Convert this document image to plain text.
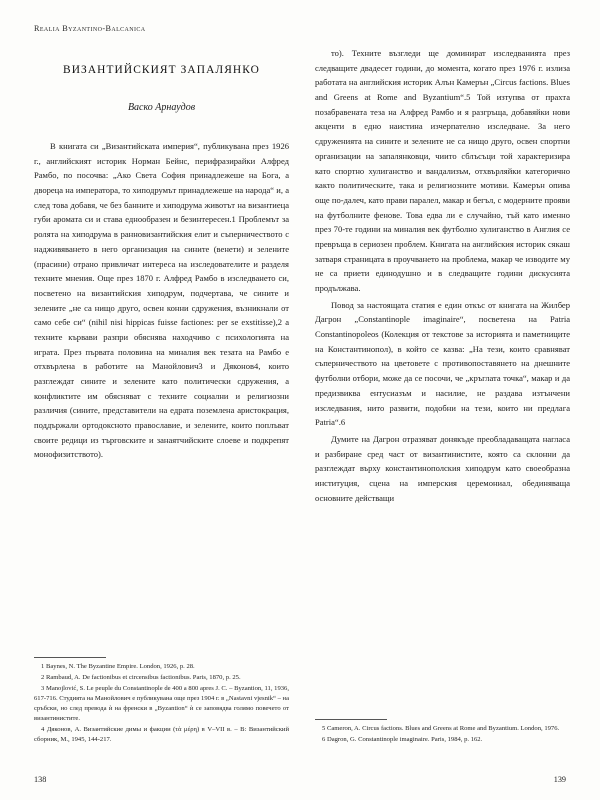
Realia Byzantino-Balcanica
ВИЗАНТИЙСКИЯТ ЗАПАЛЯНКО
Васко Арнаудов

В книгата си „Византийската империя“, публикувана през 1926 г., английският историк Норман Бейнс, перифразирайки Алфред Рамбо, по посочва: „Ако Света София принадлежеше на Бога, а двореца на императора, то хиподрумът принадлежеше на народа“ и, а след това добавя, че без банните и хиподрума животът на византиеца губи аромата си и става еднообразен и безинтересен.1 Проблемът за ролята на хиподрума в ранновизантийския елит и съперничеството с надживяването в него организация на сините (венети) и зелените (прасини) отрано привличат интереса на изследователите и разделя техните мнения. Още през 1870 г. Алфред Рамбо в изследването си, посветено на византийския хиподрум, подчертава, че сините и зелените „не са нищо друго, освен конни сдружения, възникнали от само себе си“ (nihil nisi hippicas fuisse factiones: per se exstitisse),2 а техните кървави разпри обяснява находчиво с психологията на играта. През първата половина на миналия век тезата на Рамбо е отхвърлена в работите на Манойлович3 и Дяконов4, които разглеждат сините и зелените като политически сдружения, а конфликтите им обясняват с техните социални и религиозни различия (сините, представители на едрата поземлена аристокрация, поддържали ортодоксното православие, и зелените, които поплъват своите редици из търговските и занаятчийските слоеве и подкрепят монофизитството).

1 Baynes, N. The Byzantine Empire. London, 1926, p. 28.

2 Rambaud, A. De factionibus et circensibus factionibus. Paris, 1870, p. 25.

3 Manojlović, S. Le peuple du Constantinople de 400 a 800 apres J. C. – Byzantion, 11, 1936, 617-716. Студията на Манойлович е публикувана още през 1904 г. в „Nastavni vjesnik“ – на сръбски, но след превода ѝ на френски в „Byzantion“ ѝ се заповядва голямо повечето от византинистите.

4 Дяконов, А. Византийские димы и факции (τὰ μέρη) в V–VII в. – В: Византийский сборник, М., 1945, 144-217.

то). Техните възгледи ще доминират изследванията през следващите двадесет години, до момента, когато през 1976 г. излиза работата на английския историк Алън Камерън „Circus factions. Blues and Greens at Rome and Byzantium“.5 Той изтупва от прахта позабравената теза на Алфред Рамбо и я разгръща, добавяйки нови акценти в едно наистина изчерпателно изследване. За него сдруженията на сините и зелените не са нищо друго, освен спортни организации на запалянковци, чиито сблъсъци той характеризира като спортно хулиганство и вандализъм, отхвърляйки категорично както политическите, така и религиозните мотиви. Камерън опива още по-далеч, като прави паралел, макар и бегъл, с модерните прояви на футболните фенове. Това едва ли е случайно, тъй като именно през 70-те години на миналия век футболно хулиганство в Англия се превръща в сериозен проблем. Книгата на английския историк сякаш затваря страницата в проучването на проблема, макар че изводите му не са приети единодушно и в следващите години дискусията продължава.

Повод за настоящата статия е един откъс от книгата на Жилбер Дагрон „Constantinople imaginaire“, посветена на Patria Constantinopoleos (Колекция от текстове за историята и паметниците на Константинопол), в който се казва: „На тези, които сравняват съперничеството на цветовете с противопоставянето на днешните футболни отбори, може да се посочи, че „кръглата точка“, макар и да предизвиква ентусиазъм и насилие, не раздава изтънчени изследвания, нито развити, подобни на тези, които ни предлага Patria“.6

Думите на Дагрон отразяват донякъде преобладаващата нагласа и разбиране сред част от византинистите, която са склонни да разглеждат върху константинополския хиподрум като своеобразна институция, сцена на имперския церемониал, обединяваща основните действащи

5 Cameron, A. Circus factions. Blues and Greens at Rome and Byzantium. London, 1976.

6 Dagron, G. Constantinople imaginaire. Paris, 1984, p. 162.

138	139
